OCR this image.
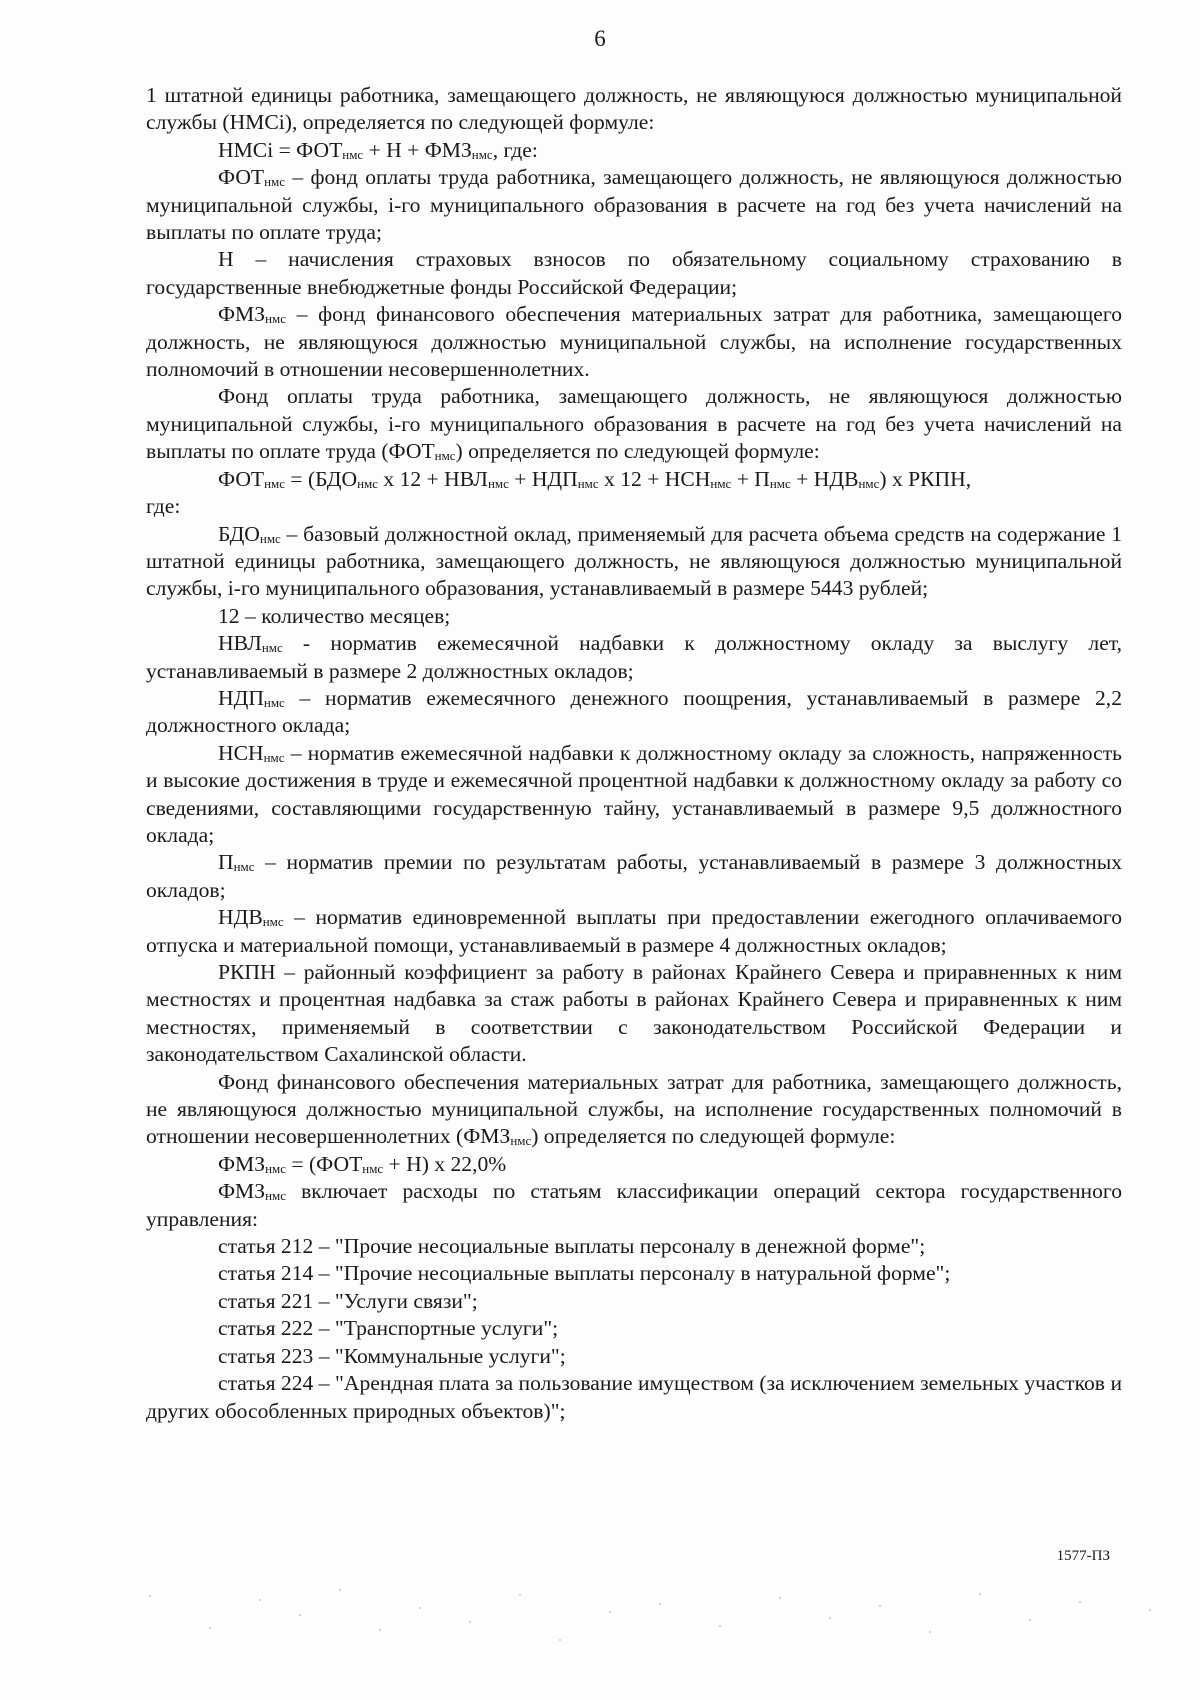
6

1 штатной единицы работника, замещающего должность, не являющуюся должностью муниципальной службы (НМСi), определяется по следующей формуле:

НМСi = $ФОТ_{нмс} + Н + ФМЗ_{нмс}$, где:

$ФОТ_{нмс}$ – фонд оплаты труда работника, замещающего должность, не являющуюся должностью муниципальной службы, i-го муниципального образования в расчете на год без учета начислений на выплаты по оплате труда;

Н – начисления страховых взносов по обязательному социальному страхованию в государственные внебюджетные фонды Российской Федерации;

$ФМЗ_{нмс}$ – фонд финансового обеспечения материальных затрат для работника, замещающего должность, не являющуюся должностью муниципальной службы, на исполнение государственных полномочий в отношении несовершеннолетних.

Фонд оплаты труда работника, замещающего должность, не являющуюся должностью муниципальной службы, i-го муниципального образования в расчете на год без учета начислений на выплаты по оплате труда $(ФОТ_{нмс})$ определяется по следующей формуле:

$ФОТ_{нмс} = (БДО_{нмс}$ х $12 + НВЛ_{нмс} + НДП_{нмс}$ х $12 + НСН_{нмс} + П_{нмс} + НДВ_{нмс}$) х РКПН,

где:

$БДО_{нмс}$ – базовый должностной оклад, применяемый для расчета объема средств на содержание 1 штатной единицы работника, замещающего должность, не являющуюся должностью муниципальной службы, i-го муниципального образования, устанавливаемый в размере 5443 рублей;

12 – количество месяцев;

$НВЛ_{нмс}$ - норматив ежемесячной надбавки к должностному окладу за выслугу лет, устанавливаемый в размере 2 должностных окладов;

$НДП_{нмс}$ – норматив ежемесячного денежного поощрения, устанавливаемый в размере 2,2 должностного оклада;

$НСН_{нмс}$ – норматив ежемесячной надбавки к должностному окладу за сложность, напряженность и высокие достижения в труде и ежемесячной процентной надбавки к должностному окладу за работу со сведениями, составляющими государственную тайну, устанавливаемый в размере 9,5 должностного оклада;

$П_{нмс}$ – норматив премии по результатам работы, устанавливаемый в размере 3 должностных окладов;

$НДВ_{нмс}$ – норматив единовременной выплаты при предоставлении ежегодного оплачиваемого отпуска и материальной помощи, устанавливаемый в размере 4 должностных окладов;

РКПН – районный коэффициент за работу в районах Крайнего Севера и приравненных к ним местностях и процентная надбавка за стаж работы в районах Крайнего Севера и приравненных к ним местностях, применяемый в соответствии с законодательством Российской Федерации и законодательством Сахалинской области.

Фонд финансового обеспечения материальных затрат для работника, замещающего должность, не являющуюся должностью муниципальной службы, на исполнение государственных полномочий в отношении несовершеннолетних $(ФМЗ_{нмс})$ определяется по следующей формуле:

$ФМЗ_{нмс} = (ФОТ_{нмс} + Н)$ х 22,0%

$ФМЗ_{нмс}$ включает расходы по статьям классификации операций сектора государственного управления:

статья 212 – "Прочие несоциальные выплаты персоналу в денежной форме";

статья 214 – "Прочие несоциальные выплаты персоналу в натуральной форме";

статья 221 – "Услуги связи";

статья 222 – "Транспортные услуги";

статья 223 – "Коммунальные услуги";

статья 224 – "Арендная плата за пользование имуществом (за исключением земельных участков и других обособленных природных объектов)";

1577-ПЗ
